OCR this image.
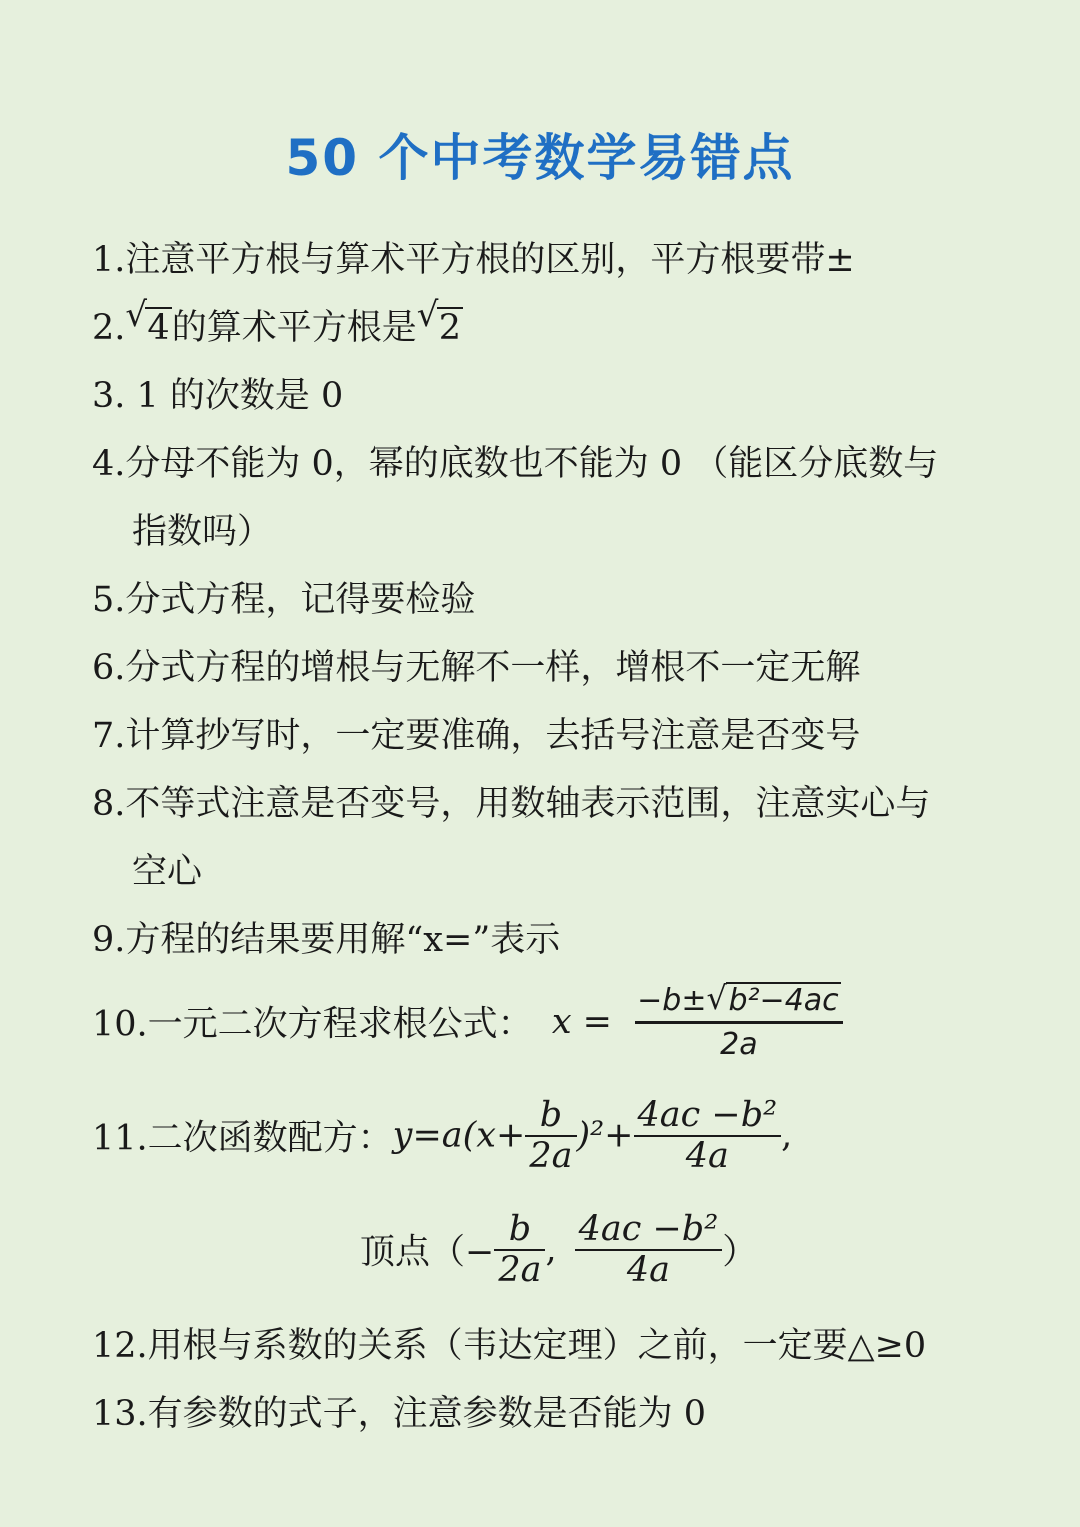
50 个中考数学易错点
1.注意平方根与算术平方根的区别，平方根要带±
2. √ 4的算术平方根是 √ 2
3. 1 的次数是 0
4.分母不能为 0，幂的底数也不能为 0 （能区分底数与
指数吗）
5.分式方程，记得要检验
6.分式方程的增根与无解不一样，增根不一定无解
7.计算抄写时，一定要准确，去括号注意是否变号
8.不等式注意是否变号，用数轴表示范围，注意实心与
空心
9.方程的结果要用解“x=”表示
10.一元二次方程求根公式： $x = \frac{\text{−b± √ b²−4ac}}{2a}$
11.二次函数配方：$y=a(x+ \frac{b}{2a} )^2+ \frac{\text{4ac −b²}}{4a}$ ,
顶点（− $\frac{b}{2a}$ , $\frac{\text{4ac −b²}}{4a}$ ）
12.用根与系数的关系（韦达定理）之前，一定要△≥0
13.有参数的式子，注意参数是否能为 0
